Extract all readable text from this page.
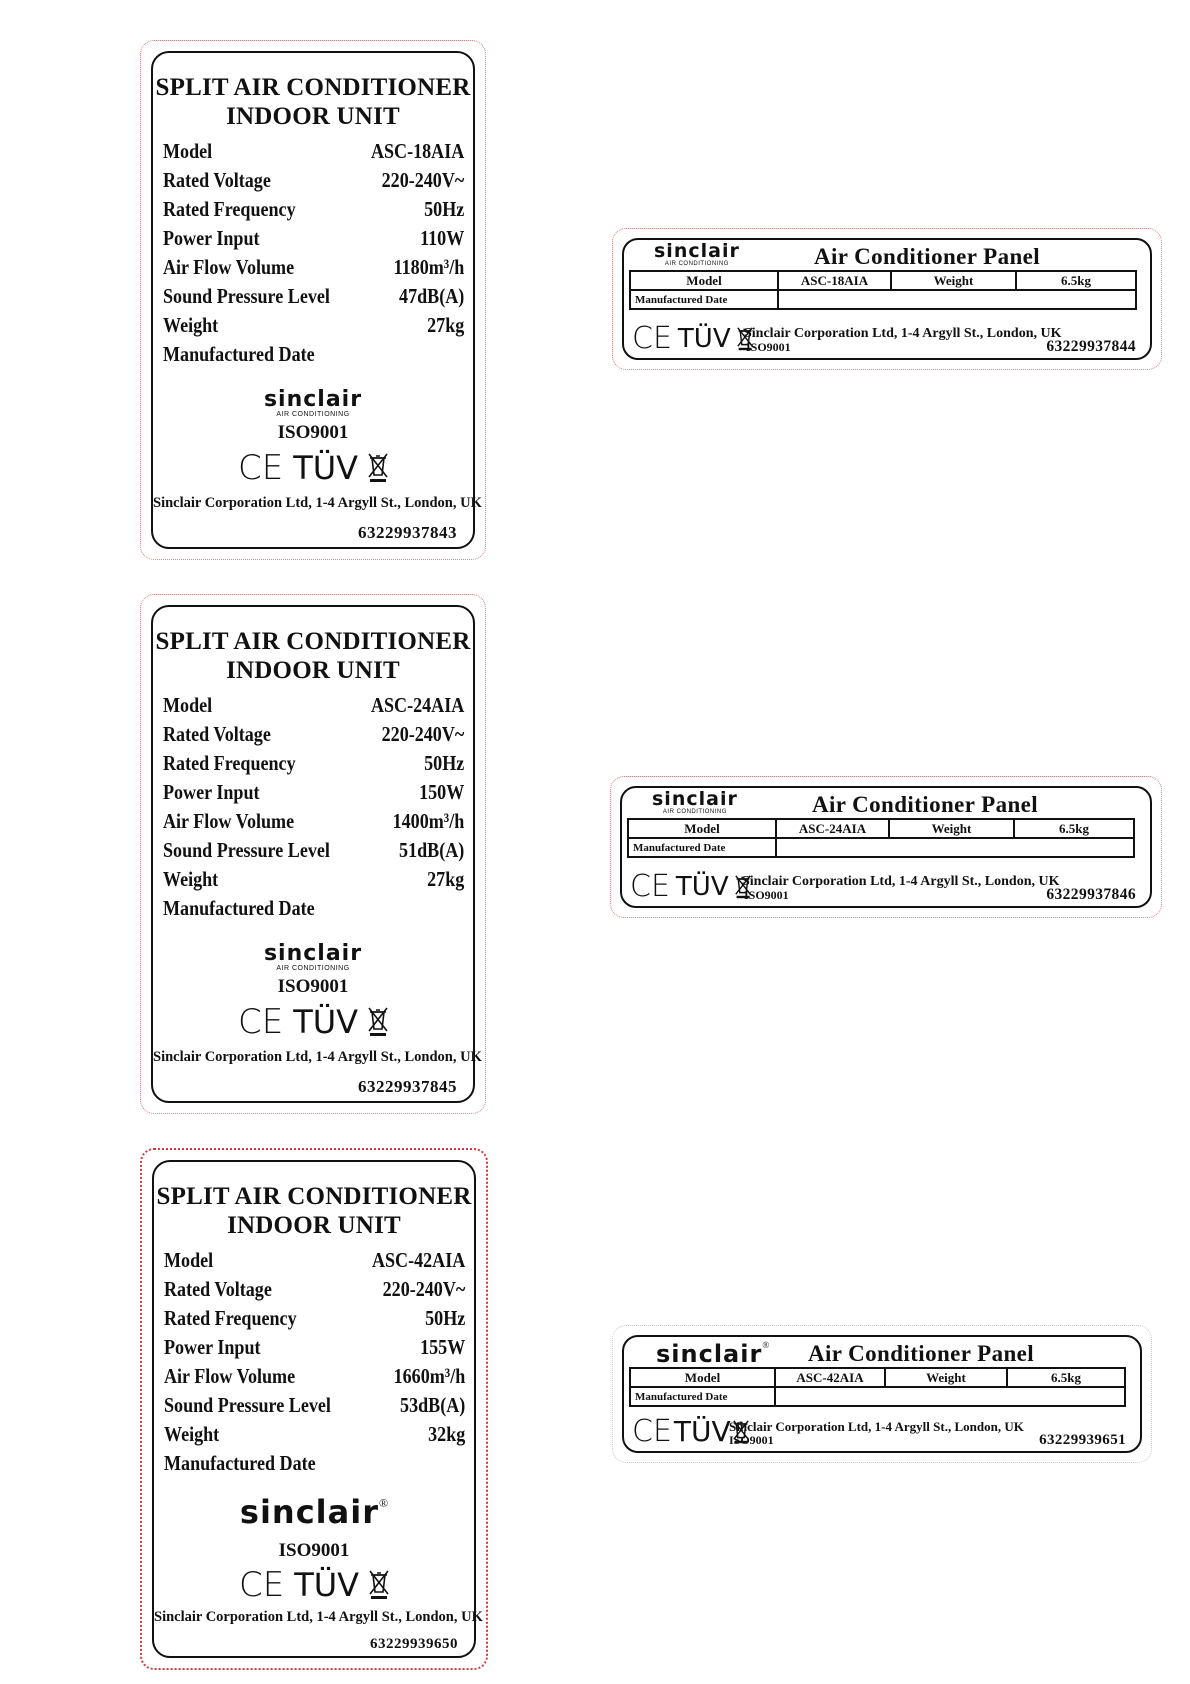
SPLIT AIR CONDITIONER
INDOOR UNIT
Model	ASC-18AIA
Rated Voltage	220-240V~
Rated Frequency	50Hz
Power Input	110W
Air Flow Volume	1180m³/h
Sound Pressure Level	47dB(A)
Weight	27kg
Manufactured Date
sinclair
AIR CONDITIONING
ISO9001
CE TÜV
Sinclair Corporation Ltd, 1-4 Argyll St., London, UK
63229937843
SPLIT AIR CONDITIONER
INDOOR UNIT
Model	ASC-24AIA
Rated Voltage	220-240V~
Rated Frequency	50Hz
Power Input	150W
Air Flow Volume	1400m³/h
Sound Pressure Level	51dB(A)
Weight	27kg
Manufactured Date
sinclair
AIR CONDITIONING
ISO9001
CE TÜV
Sinclair Corporation Ltd, 1-4 Argyll St., London, UK
63229937845
SPLIT AIR CONDITIONER
INDOOR UNIT
Model	ASC-42AIA
Rated Voltage	220-240V~
Rated Frequency	50Hz
Power Input	155W
Air Flow Volume	1660m³/h
Sound Pressure Level	53dB(A)
Weight	32kg
Manufactured Date
sinclair®
ISO9001
CE TÜV
Sinclair Corporation Ltd, 1-4 Argyll St., London, UK
63229939650
sinclair
AIR CONDITIONING	Air Conditioner Panel
Model	ASC-18AIA	Weight	6.5kg
Manufactured Date			
CE TÜV Sinclair Corporation Ltd, 1-4 Argyll St., London, UK
ISO9001	63229937844
sinclair
AIR CONDITIONING	Air Conditioner Panel
Model	ASC-24AIA	Weight	6.5kg
Manufactured Date			
CE TÜV Sinclair Corporation Ltd, 1-4 Argyll St., London, UK
ISO9001	63229937846
sinclair® Air Conditioner Panel
Model	ASC-42AIA	Weight	6.5kg
Manufactured Date			
CE TÜV
Sinclair Corporation Ltd, 1-4 Argyll St., London, UK
ISO9001	63229939651
